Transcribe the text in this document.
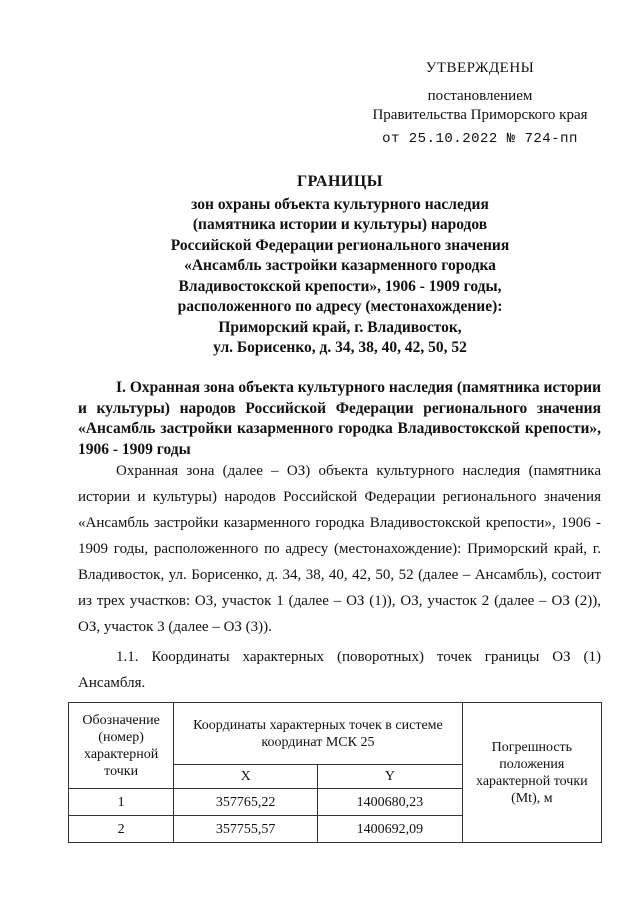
УТВЕРЖДЕНЫ
постановлением
Правительства Приморского края
от 25.10.2022 № 724-пп
ГРАНИЦЫ
зон охраны объекта культурного наследия
(памятника истории и культуры) народов
Российской Федерации регионального значения
«Ансамбль застройки казарменного городка
Владивостокской крепости», 1906 - 1909 годы,
расположенного по адресу (местонахождение):
Приморский край, г. Владивосток,
ул. Борисенко, д. 34, 38, 40, 42, 50, 52
I. Охранная зона объекта культурного наследия (памятника истории и культуры) народов Российской Федерации регионального значения «Ансамбль застройки казарменного городка Владивостокской крепости», 1906 - 1909 годы
Охранная зона (далее – ОЗ) объекта культурного наследия (памятника истории и культуры) народов Российской Федерации регионального значения «Ансамбль застройки казарменного городка Владивостокской крепости», 1906 - 1909 годы, расположенного по адресу (местонахождение): Приморский край, г. Владивосток, ул. Борисенко, д. 34, 38, 40, 42, 50, 52 (далее – Ансамбль), состоит из трех участков: ОЗ, участок 1 (далее – ОЗ (1)), ОЗ, участок 2 (далее – ОЗ (2)), ОЗ, участок 3 (далее – ОЗ (3)).
1.1. Координаты характерных (поворотных) точек границы ОЗ (1) Ансамбля.
Обозначение (номер) характерной точки	Координаты характерных точек в системе координат МСК 25		Погрешность положения характерной точки (Mt), м
	X	Y	
1	357765,22	1400680,23	
2	357755,57	1400692,09	
